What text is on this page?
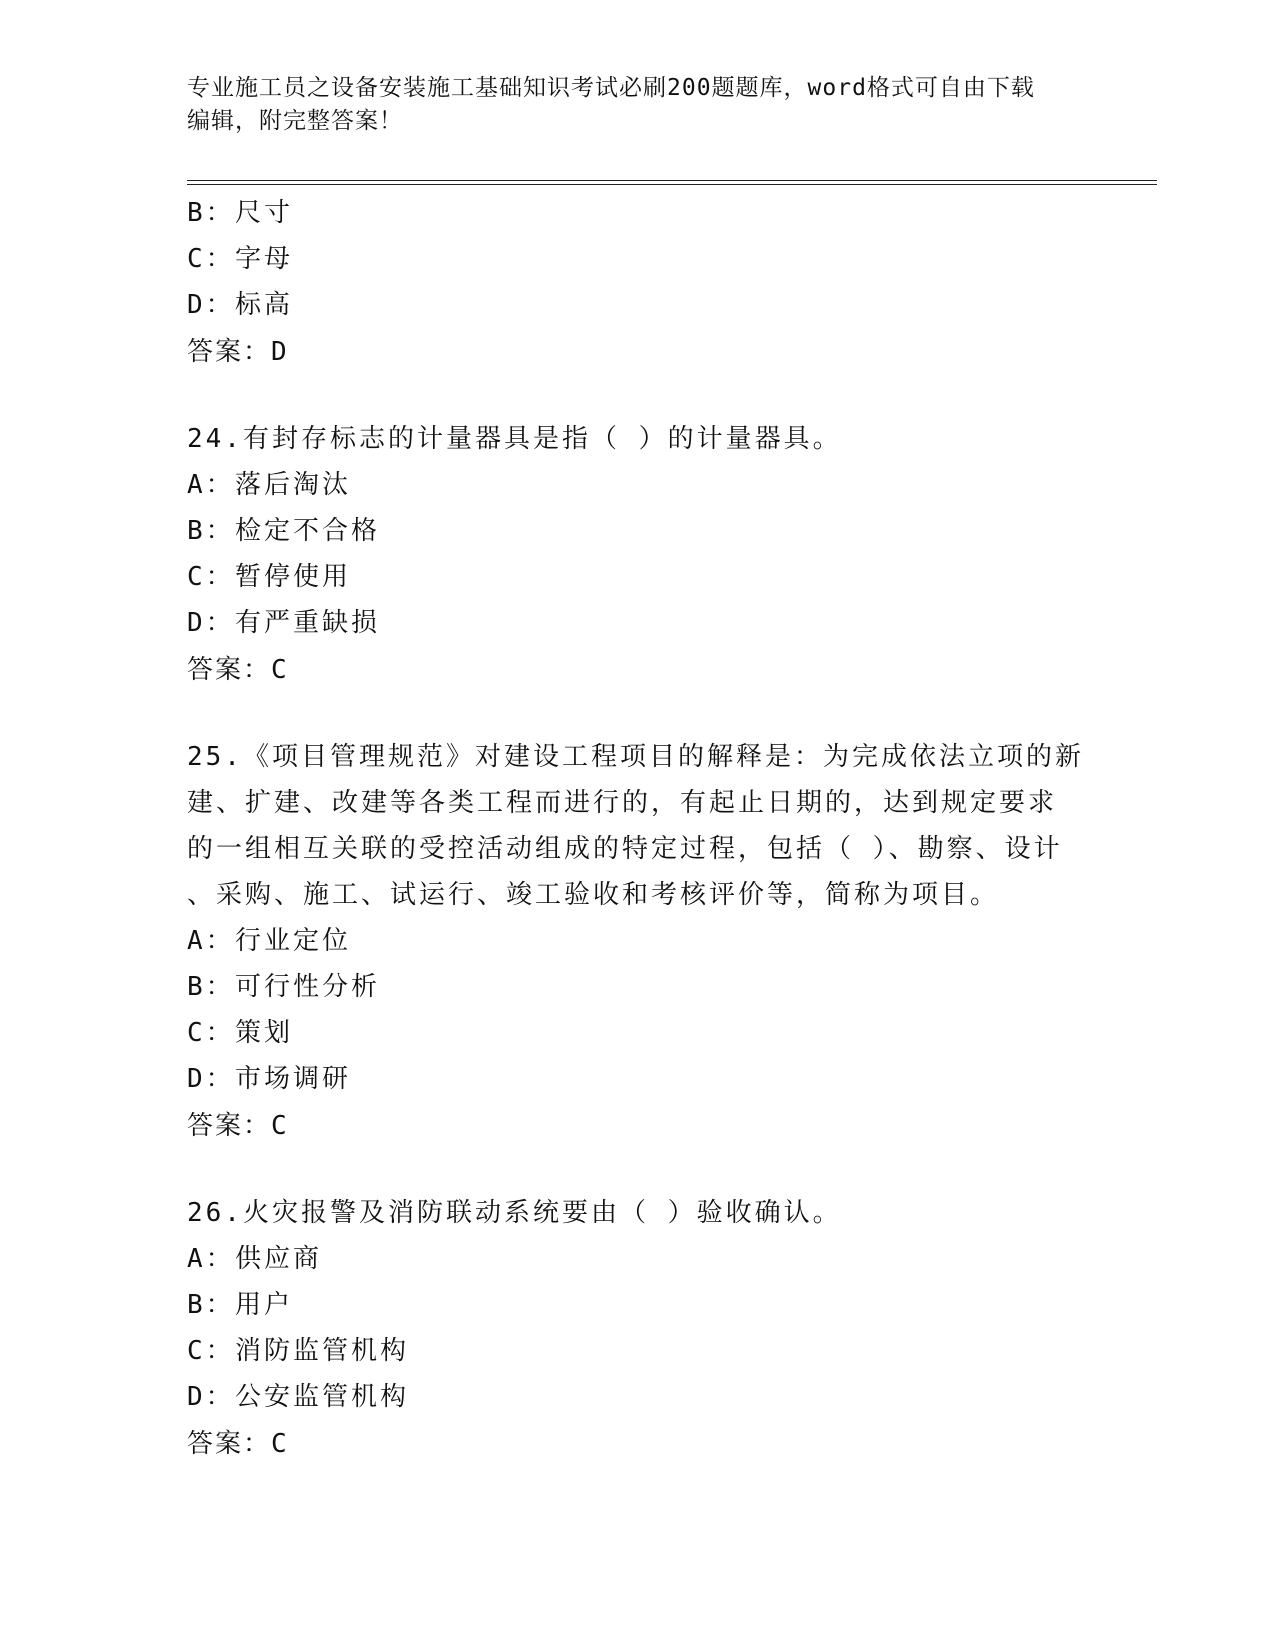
专业施工员之设备安装施工基础知识考试必刷200题题库，word格式可自由下载
编辑，附完整答案！
B：尺寸
C：字母
D：标高
答案：D
24.有封存标志的计量器具是指（ ）的计量器具。
A：落后淘汰
B：检定不合格
C：暂停使用
D：有严重缺损
答案：C
25.《项目管理规范》对建设工程项目的解释是：为完成依法立项的新
建、扩建、改建等各类工程而进行的，有起止日期的，达到规定要求
的一组相互关联的受控活动组成的特定过程，包括（ ）、勘察、设计
、采购、施工、试运行、竣工验收和考核评价等，简称为项目。
A：行业定位
B：可行性分析
C：策划
D：市场调研
答案：C
26.火灾报警及消防联动系统要由（ ）验收确认。
A：供应商
B：用户
C：消防监管机构
D：公安监管机构
答案：C
